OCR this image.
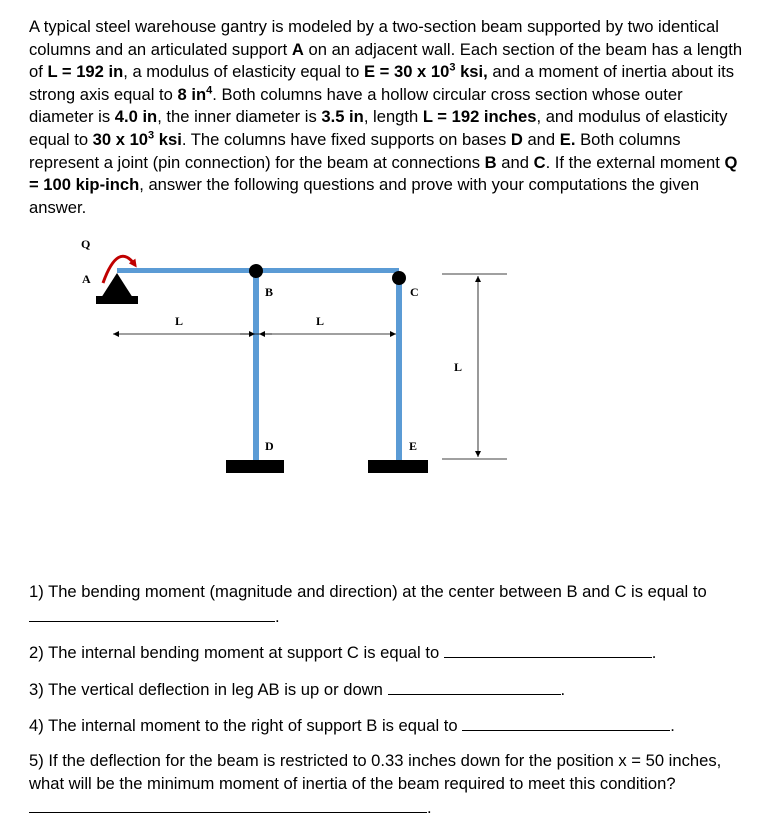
A typical steel warehouse gantry is modeled by a two-section beam supported by two identical columns and an articulated support A on an adjacent wall. Each section of the beam has a length of L = 192 in, a modulus of elasticity equal to E = 30 x $10^3$ ksi, and a moment of inertia about its strong axis equal to 8 $in^4$. Both columns have a hollow circular cross section whose outer diameter is 4.0 in, the inner diameter is 3.5 in, length L = 192 inches, and modulus of elasticity equal to 30 x $10^3$ ksi. The columns have fixed supports on bases D and E. Both columns represent a joint (pin connection) for the beam at connections B and C. If the external moment Q = 100 kip-inch, answer the following questions and prove with your computations the given answer.
Q
A
B	C
D	E
L	L
L

1) The bending moment (magnitude and direction) at the center between B and C is equal to .

2) The internal bending moment at support C is equal to	.

3) The vertical deflection in leg AB is up or down	.

4) The internal moment to the right of support B is equal to	.

5) If the deflection for the beam is restricted to 0.33 inches down for the position x = 50 inches, what will be the minimum moment of inertia of the beam required to meet this condition? .
